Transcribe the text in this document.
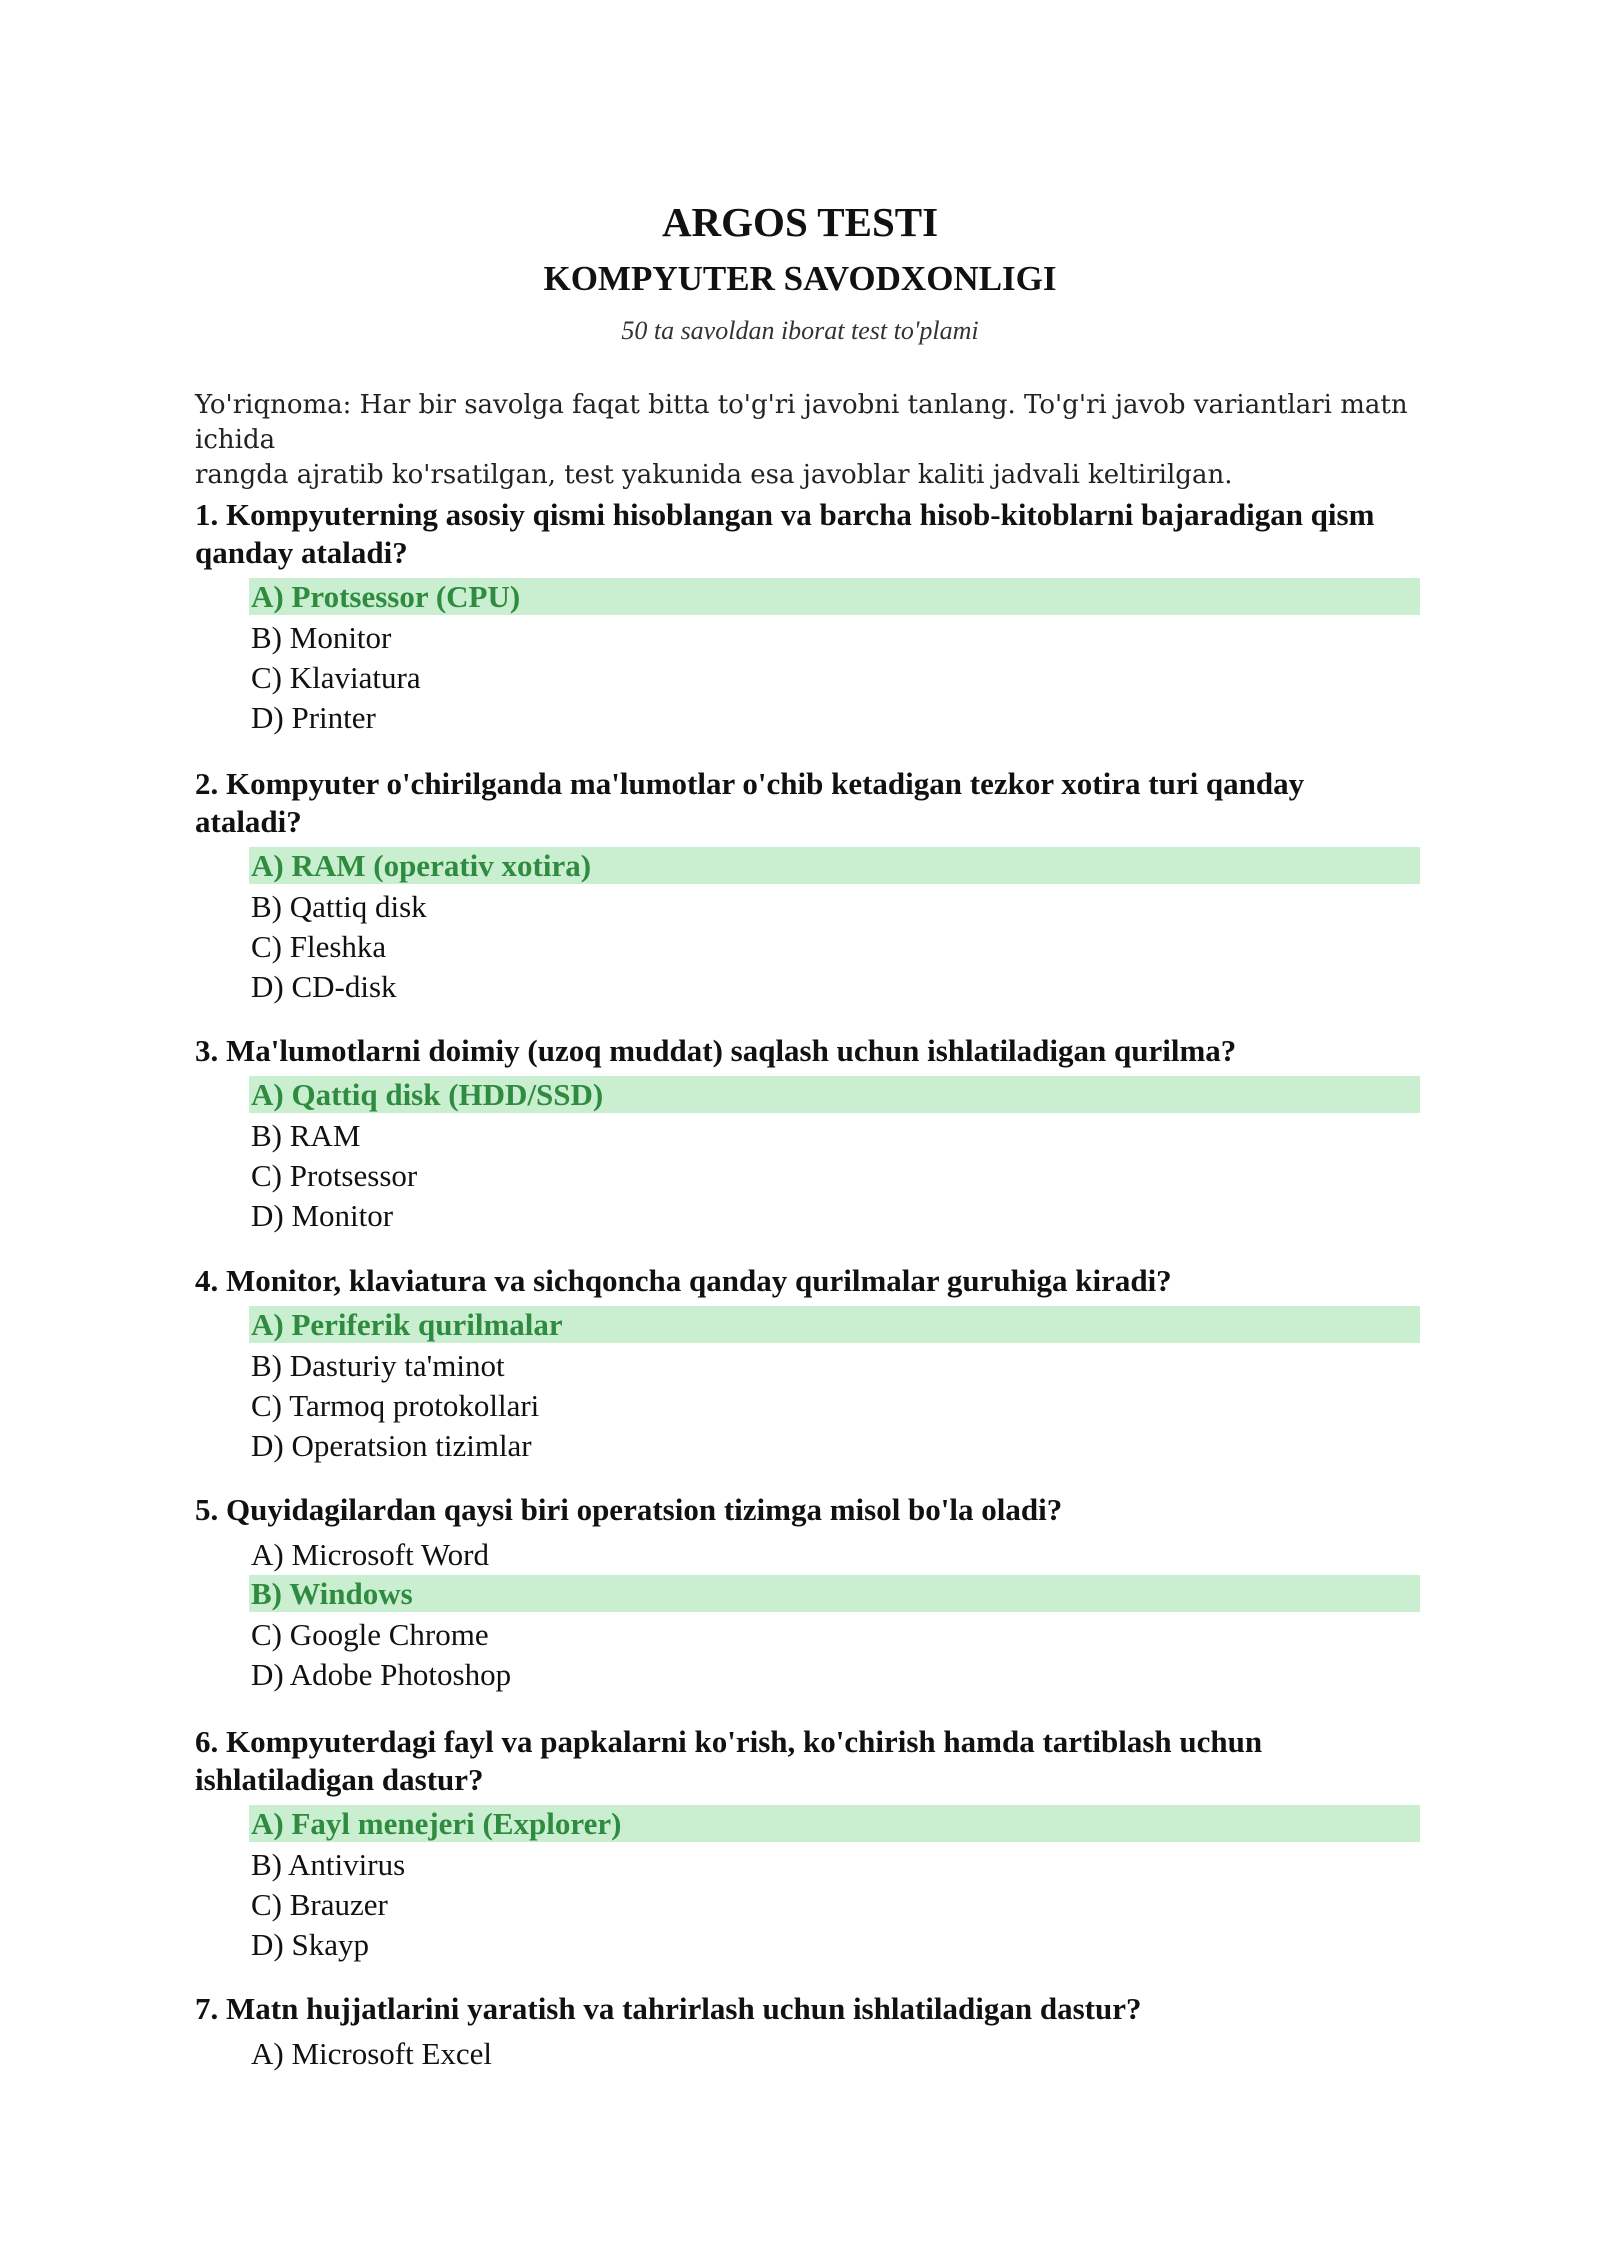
ARGOS TESTI
KOMPYUTER SAVODXONLIGI
50 ta savoldan iborat test to'plami
Yo'riqnoma: Har bir savolga faqat bitta to'g'ri javobni tanlang. To'g'ri javob variantlari matn ichida
rangda ajratib ko'rsatilgan, test yakunida esa javoblar kaliti jadvali keltirilgan.
1. Kompyuterning asosiy qismi hisoblangan va barcha hisob-kitoblarni bajaradigan qism qanday ataladi?
A) Protsessor (CPU)
B) Monitor
C) Klaviatura
D) Printer
2. Kompyuter o'chirilganda ma'lumotlar o'chib ketadigan tezkor xotira turi qanday ataladi?
A) RAM (operativ xotira)
B) Qattiq disk
C) Fleshka
D) CD-disk
3. Ma'lumotlarni doimiy (uzoq muddat) saqlash uchun ishlatiladigan qurilma?
A) Qattiq disk (HDD/SSD)
B) RAM
C) Protsessor
D) Monitor
4. Monitor, klaviatura va sichqoncha qanday qurilmalar guruhiga kiradi?
A) Periferik qurilmalar
B) Dasturiy ta'minot
C) Tarmoq protokollari
D) Operatsion tizimlar
5. Quyidagilardan qaysi biri operatsion tizimga misol bo'la oladi?
A) Microsoft Word
B) Windows
C) Google Chrome
D) Adobe Photoshop
6. Kompyuterdagi fayl va papkalarni ko'rish, ko'chirish hamda tartiblash uchun ishlatiladigan dastur?
A) Fayl menejeri (Explorer)
B) Antivirus
C) Brauzer
D) Skayp
7. Matn hujjatlarini yaratish va tahrirlash uchun ishlatiladigan dastur?
A) Microsoft Excel
